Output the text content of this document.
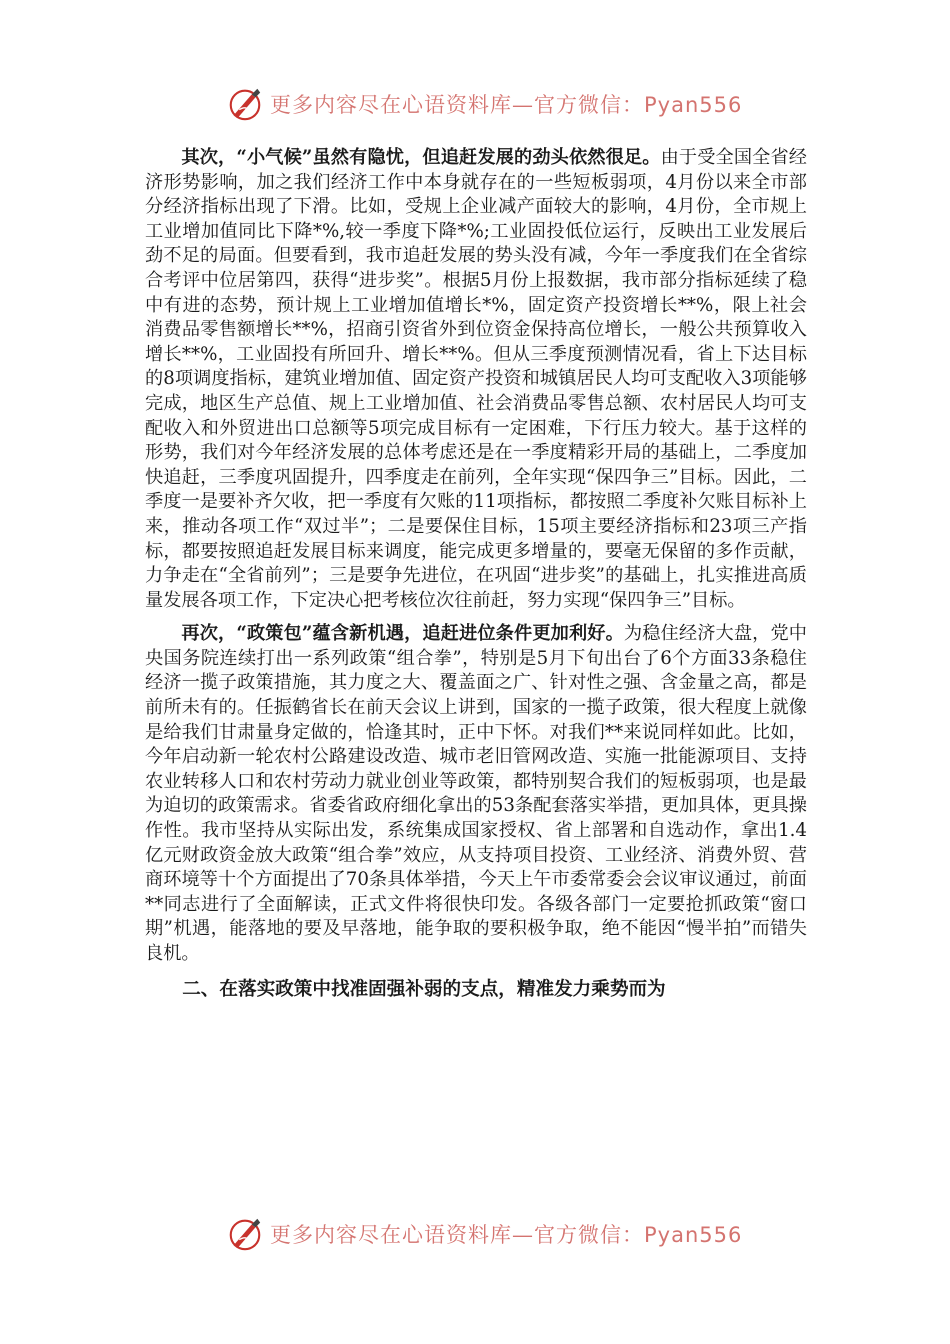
更多内容尽在心语资料库—官方微信：Pyan556

其次，“小气候”虽然有隐忧，但追赶发展的劲头依然很足。由于受全国全省经济形势影响，加之我们经济工作中本身就存在的一些短板弱项，4月份以来全市部分经济指标出现了下滑。比如，受规上企业减产面较大的影响，4月份，全市规上工业增加值同比下降*%,较一季度下降*%;工业固投低位运行，反映出工业发展后劲不足的局面。但要看到，我市追赶发展的势头没有减，今年一季度我们在全省综合考评中位居第四，获得“进步奖”。根据5月份上报数据，我市部分指标延续了稳中有进的态势，预计规上工业增加值增长*%，固定资产投资增长**%，限上社会消费品零售额增长**%，招商引资省外到位资金保持高位增长，一般公共预算收入增长**%，工业固投有所回升、增长**%。但从三季度预测情况看，省上下达目标的8项调度指标，建筑业增加值、固定资产投资和城镇居民人均可支配收入3项能够完成，地区生产总值、规上工业增加值、社会消费品零售总额、农村居民人均可支配收入和外贸进出口总额等5项完成目标有一定困难，下行压力较大。基于这样的形势，我们对今年经济发展的总体考虑还是在一季度精彩开局的基础上，二季度加快追赶，三季度巩固提升，四季度走在前列，全年实现“保四争三”目标。因此，二季度一是要补齐欠收，把一季度有欠账的11项指标，都按照二季度补欠账目标补上来，推动各项工作“双过半”；二是要保住目标，15项主要经济指标和23项三产指标，都要按照追赶发展目标来调度，能完成更多增量的，要毫无保留的多作贡献，力争走在“全省前列”；三是要争先进位，在巩固“进步奖”的基础上，扎实推进高质量发展各项工作，下定决心把考核位次往前赶，努力实现“保四争三”目标。

再次，“政策包”蕴含新机遇，追赶进位条件更加利好。为稳住经济大盘，党中央国务院连续打出一系列政策“组合拳”，特别是5月下旬出台了6个方面33条稳住经济一揽子政策措施，其力度之大、覆盖面之广、针对性之强、含金量之高，都是前所未有的。任振鹤省长在前天会议上讲到，国家的一揽子政策，很大程度上就像是给我们甘肃量身定做的，恰逢其时，正中下怀。对我们**来说同样如此。比如，今年启动新一轮农村公路建设改造、城市老旧管网改造、实施一批能源项目、支持农业转移人口和农村劳动力就业创业等政策，都特别契合我们的短板弱项，也是最为迫切的政策需求。省委省政府细化拿出的53条配套落实举措，更加具体，更具操作性。我市坚持从实际出发，系统集成国家授权、省上部署和自选动作，拿出1.4亿元财政资金放大政策“组合拳”效应，从支持项目投资、工业经济、消费外贸、营商环境等十个方面提出了70条具体举措，今天上午市委常委会会议审议通过，前面**同志进行了全面解读，正式文件将很快印发。各级各部门一定要抢抓政策“窗口期”机遇，能落地的要及早落地，能争取的要积极争取，绝不能因“慢半拍”而错失良机。

二、在落实政策中找准固强补弱的支点，精准发力乘势而为

更多内容尽在心语资料库—官方微信：Pyan556
